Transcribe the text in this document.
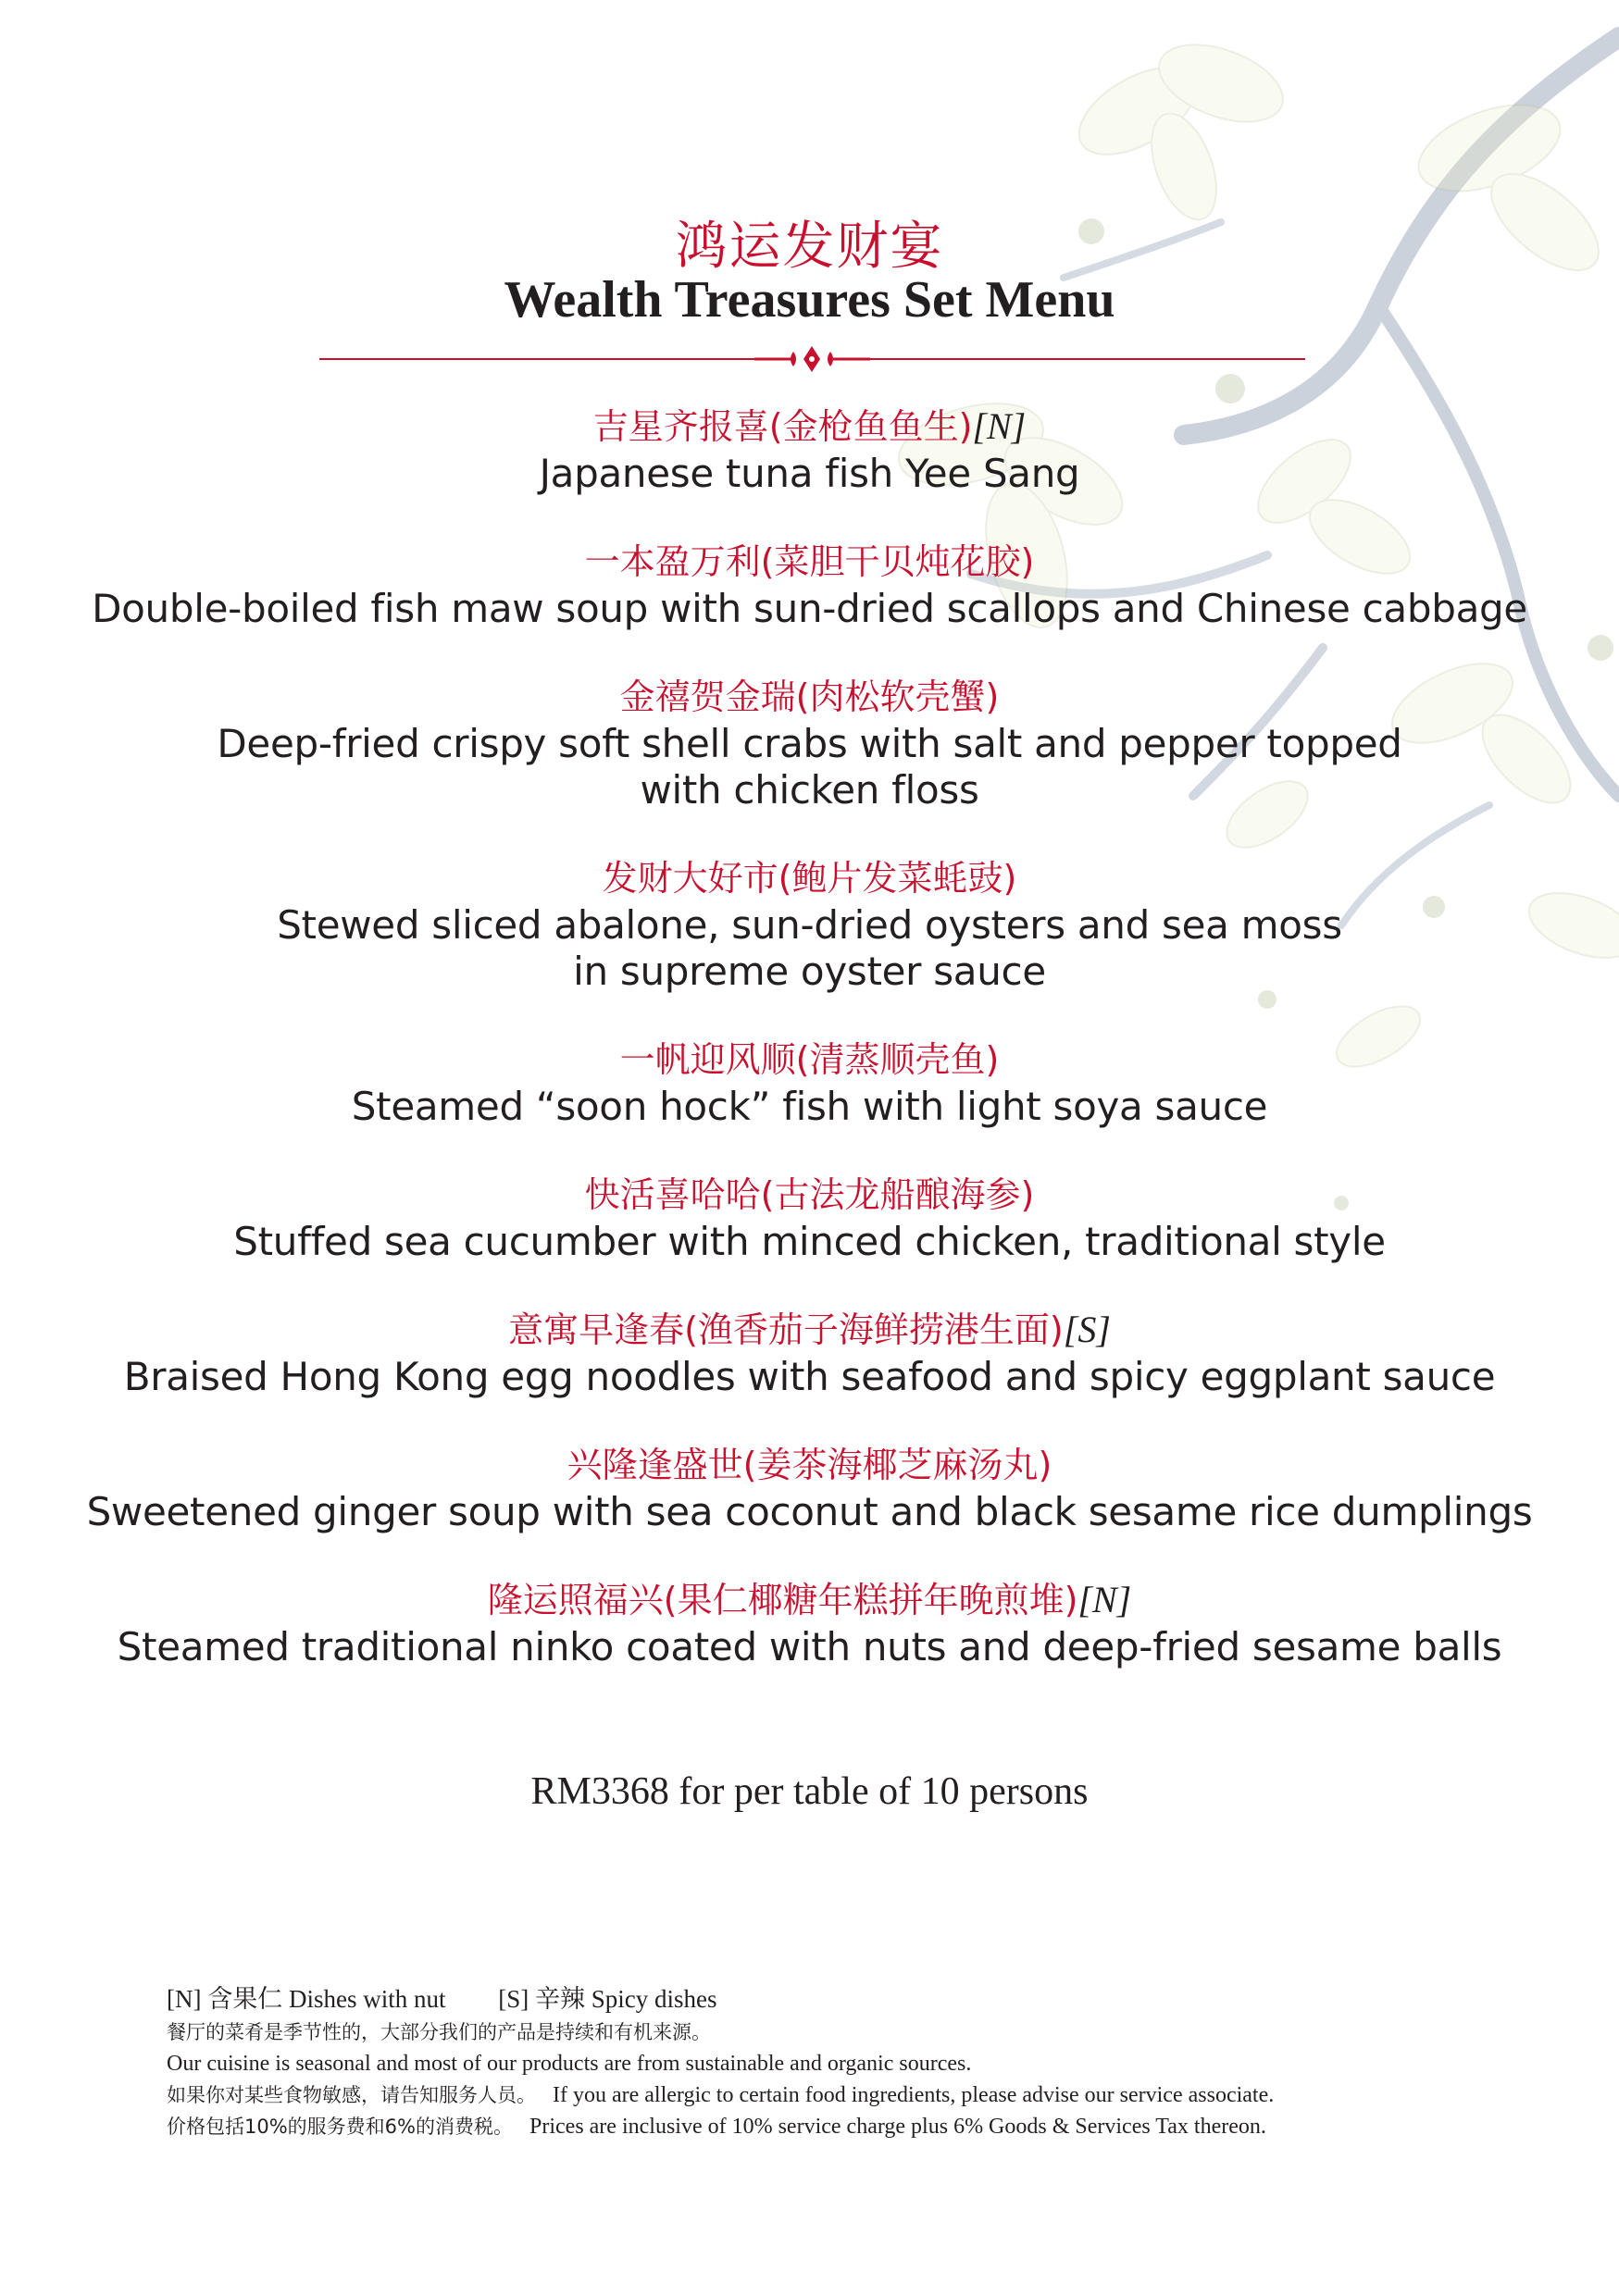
鸿运发财宴
Wealth Treasures Set Menu
吉星齐报喜(金枪鱼鱼生)[N]
Japanese tuna fish Yee Sang
一本盈万利(菜胆干贝炖花胶)
Double-boiled fish maw soup with sun-dried scallops and Chinese cabbage
金禧贺金瑞(肉松软壳蟹)
Deep-fried crispy soft shell crabs with salt and pepper topped
with chicken floss
发财大好市(鲍片发菜蚝豉)
Stewed sliced abalone, sun-dried oysters and sea moss
in supreme oyster sauce
一帆迎风顺(清蒸顺壳鱼)
Steamed “soon hock” fish with light soya sauce
快活喜哈哈(古法龙船酿海参)
Stuffed sea cucumber with minced chicken, traditional style
意寓早逢春(渔香茄子海鲜捞港生面)[S]
Braised Hong Kong egg noodles with seafood and spicy eggplant sauce
兴隆逢盛世(姜茶海椰芝麻汤丸)
Sweetened ginger soup with sea coconut and black sesame rice dumplings
隆运照福兴(果仁椰糖年糕拼年晚煎堆)[N]
Steamed traditional ninko coated with nuts and deep-fried sesame balls
RM3368 for per table of 10 persons
[N] 含果仁 Dishes with nut [S] 辛辣 Spicy dishes
餐厅的菜肴是季节性的，大部分我们的产品是持续和有机来源。
Our cuisine is seasonal and most of our products are from sustainable and organic sources.
如果你对某些食物敏感，请告知服务人员。 If you are allergic to certain food ingredients, please advise our service associate.
价格包括10%的服务费和6%的消费税。 Prices are inclusive of 10% service charge plus 6% Goods & Services Tax thereon.
